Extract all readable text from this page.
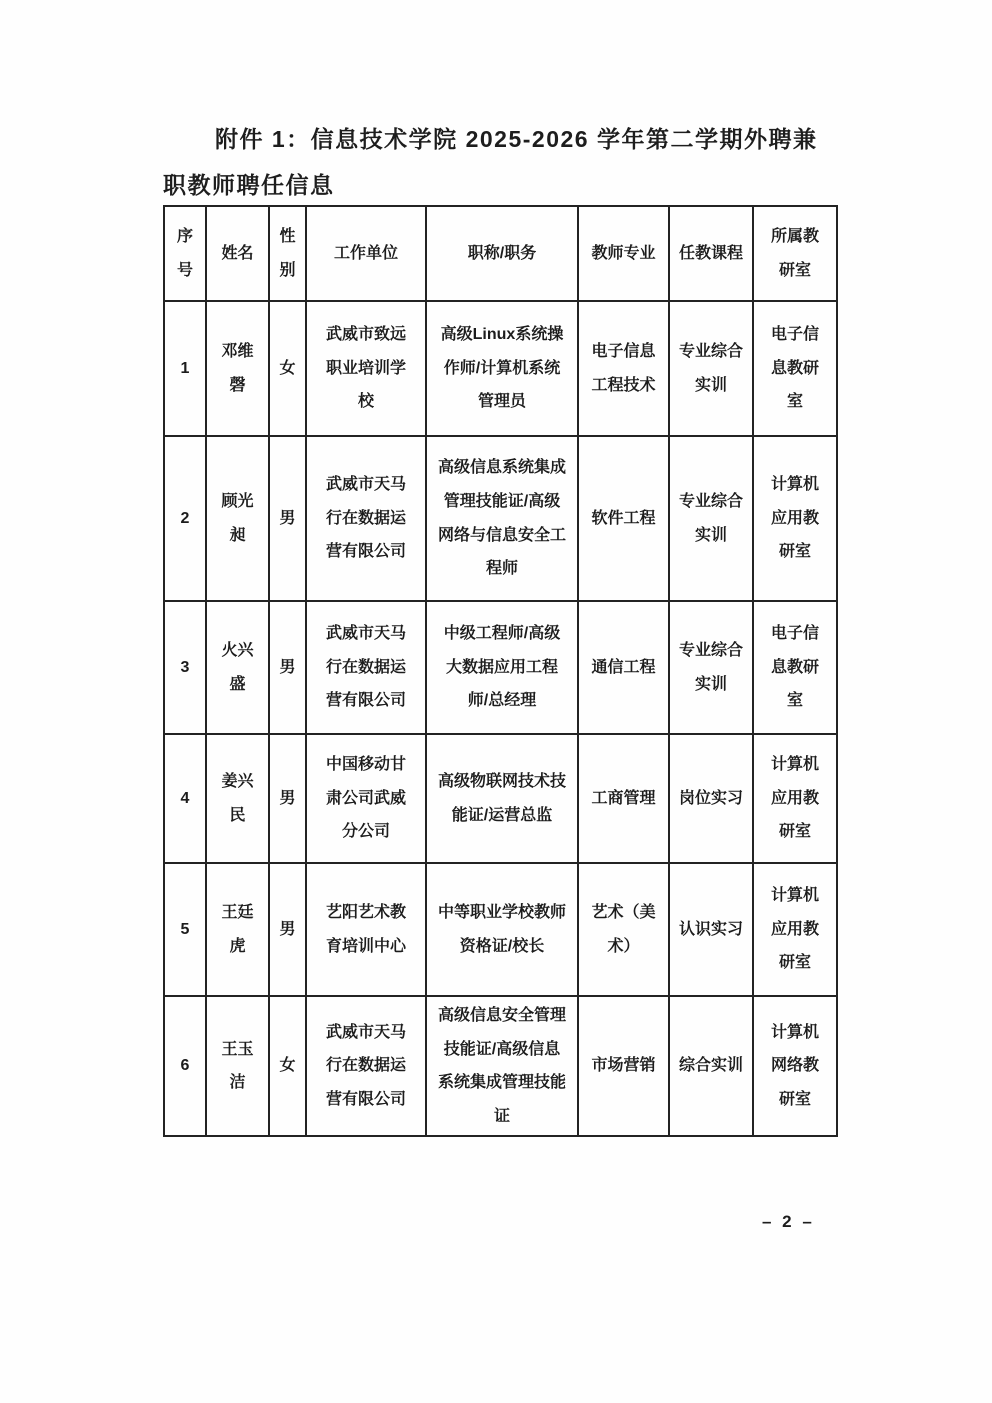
附件 1：信息技术学院 2025-2026 学年第二学期外聘兼职教师聘任信息
序号	姓名	性别	工作单位	职称/职务	教师专业	任教课程	所属教研室
1	邓维磬	女	武威市致远职业培训学校	高级Linux系统操作师/计算机系统管理员	电子信息工程技术	专业综合实训	电子信息教研室
2	顾光昶	男	武威市天马行在数据运营有限公司	高级信息系统集成管理技能证/高级网络与信息安全工程师	软件工程	专业综合实训	计算机应用教研室
3	火兴盛	男	武威市天马行在数据运营有限公司	中级工程师/高级大数据应用工程师/总经理	通信工程	专业综合实训	电子信息教研室
4	姜兴民	男	中国移动甘肃公司武威分公司	高级物联网技术技能证/运营总监	工商管理	岗位实习	计算机应用教研室
5	王廷虎	男	艺阳艺术教育培训中心	中等职业学校教师资格证/校长	艺术（美术）	认识实习	计算机应用教研室
6	王玉洁	女	武威市天马行在数据运营有限公司	高级信息安全管理技能证/高级信息系统集成管理技能证	市场营销	综合实训	计算机网络教研室
– 2 –
